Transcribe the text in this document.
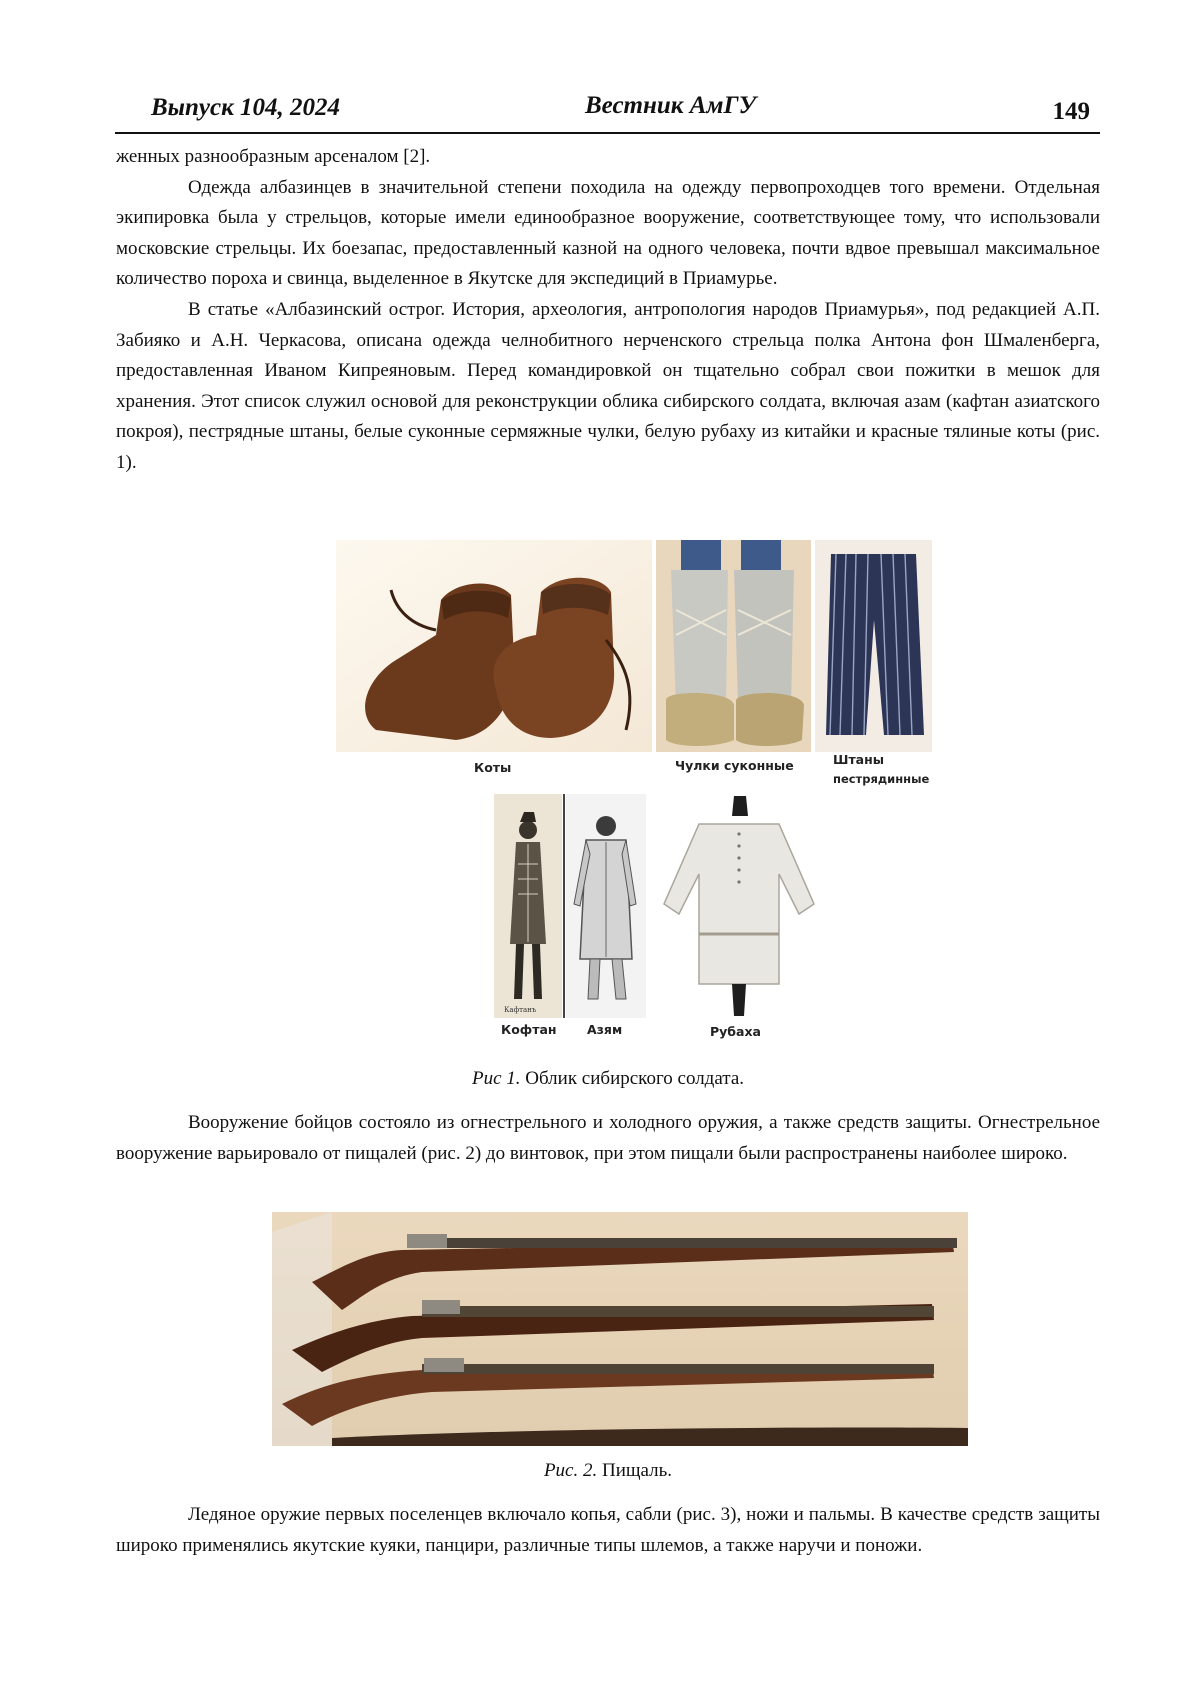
Выпуск 104, 2024	Вестник АмГУ	149

женных разнообразным арсеналом [2].

Одежда албазинцев в значительной степени походила на одежду первопроходцев того времени. Отдельная экипировка была у стрельцов, которые имели единообразное вооружение, соответствующее тому, что использовали московские стрельцы. Их боезапас, предоставленный казной на одного человека, почти вдвое превышал максимальное количество пороха и свинца, выделенное в Якутске для экспедиций в Приамурье.

В статье «Албазинский острог. История, археология, антропология народов Приамурья», под редакцией А.П. Забияко и А.Н. Черкасова, описана одежда челнобитного нерченского стрельца полка Антона фон Шмаленберга, предоставленная Иваном Кипреяновым. Перед командировкой он тщательно собрал свои пожитки в мешок для хранения. Этот список служил основой для реконструкции облика сибирского солдата, включая азам (кафтан азиатского покроя), пестрядные штаны, белые суконные сермяжные чулки, белую рубаху из китайки и красные тялиные коты (рис. 1).

Коты	Чулки суконные	Штаны
пестрядинные
Кафтанъ
Кофтан Азям	Рубаха
Рис 1. Облик сибирского солдата.

Вооружение бойцов состояло из огнестрельного и холодного оружия, а также средств защиты. Огнестрельное вооружение варьировало от пищалей (рис. 2) до винтовок, при этом пищали были распространены наиболее широко.

Рис. 2. Пищаль.

Ледяное оружие первых поселенцев включало копья, сабли (рис. 3), ножи и пальмы. В качестве средств защиты широко применялись якутские куяки, панцири, различные типы шлемов, а также наручи и поножи.
